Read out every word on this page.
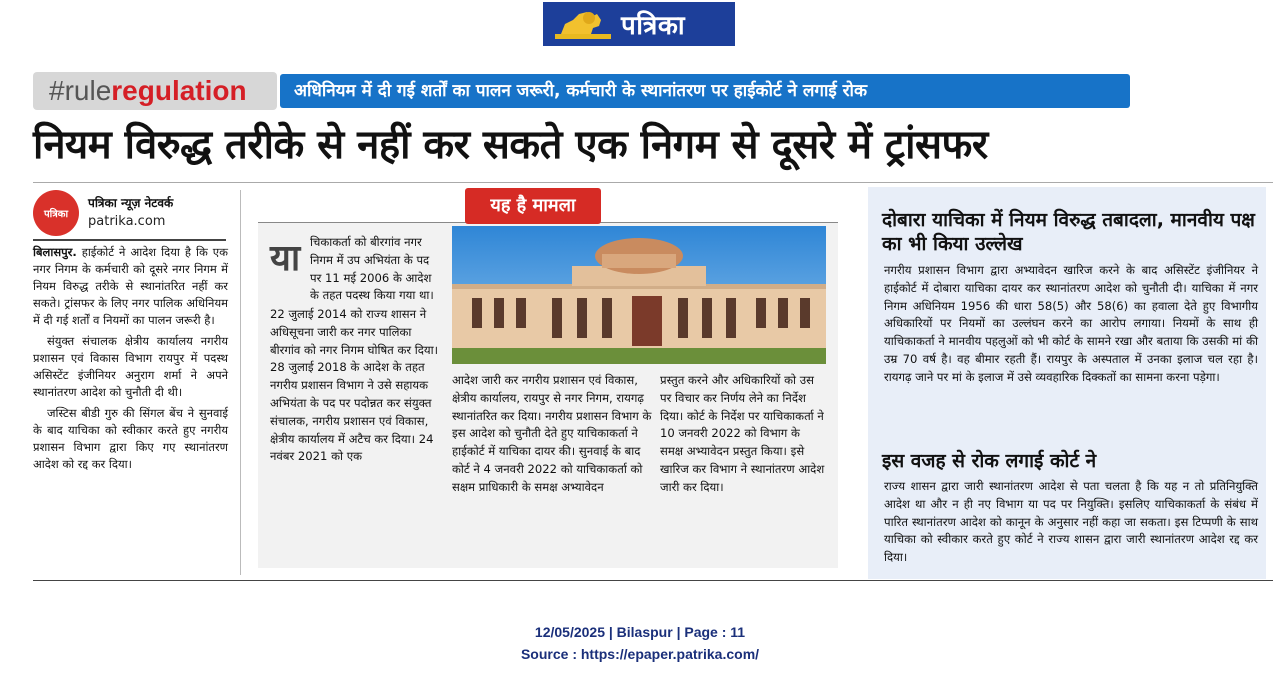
पत्रिका
#ruleregulation	अधिनियम में दी गई शर्तों का पालन जरूरी, कर्मचारी के स्थानांतरण पर हाईकोर्ट ने लगाई रोक
नियम विरुद्ध तरीके से नहीं कर सकते एक निगम से दूसरे में ट्रांसफर
पत्रिका
पत्रिका न्यूज़ नेटवर्क
patrika.com

बिलासपुर. हाईकोर्ट ने आदेश दिया है कि एक नगर निगम के कर्मचारी को दूसरे नगर निगम में नियम विरुद्ध तरीके से स्थानांतरित नहीं कर सकते। ट्रांसफर के लिए नगर पालिक अधिनियम में दी गई शर्तों व नियमों का पालन जरूरी है।

संयुक्त संचालक क्षेत्रीय कार्यालय नगरीय प्रशासन एवं विकास विभाग रायपुर में पदस्थ असिस्टेंट इंजीनियर अनुराग शर्मा ने अपने स्थानांतरण आदेश को चुनौती दी थी।

जस्टिस बीडी गुरु की सिंगल बेंच ने सुनवाई के बाद याचिका को स्वीकार करते हुए नगरीय प्रशासन विभाग द्वारा किए गए स्थानांतरण आदेश को रद्द कर दिया।

यह है मामला
या चिकाकर्ता को बीरगांव नगर निगम में उप अभियंता के पद पर 11 मई 2006 के आदेश के तहत पदस्थ किया गया था।
22 जुलाई 2014 को राज्य शासन ने अधिसूचना जारी कर नगर पालिका बीरगांव को नगर निगम घोषित कर दिया। 28 जुलाई 2018 के आदेश के तहत नगरीय प्रशासन विभाग ने उसे सहायक अभियंता के पद पर पदोन्नत कर संयुक्त संचालक, नगरीय प्रशासन एवं विकास, क्षेत्रीय कार्यालय में अटैच कर दिया। 24 नवंबर 2021 को एक
आदेश जारी कर नगरीय प्रशासन एवं विकास, क्षेत्रीय कार्यालय, रायपुर से नगर निगम, रायगढ़ स्थानांतरित कर दिया। नगरीय प्रशासन विभाग के इस आदेश को चुनौती देते हुए याचिकाकर्ता ने हाईकोर्ट में याचिका दायर की। सुनवाई के बाद कोर्ट ने 4 जनवरी 2022 को याचिकाकर्ता को सक्षम प्राधिकारी के समक्ष अभ्यावेदन
प्रस्तुत करने और अधिकारियों को उस पर विचार कर निर्णय लेने का निर्देश दिया। कोर्ट के निर्देश पर याचिकाकर्ता ने 10 जनवरी 2022 को विभाग के समक्ष अभ्यावेदन प्रस्तुत किया। इसे खारिज कर विभाग ने स्थानांतरण आदेश जारी कर दिया।
दोबारा याचिका में नियम विरुद्ध तबादला, मानवीय पक्ष का भी किया उल्लेख
नगरीय प्रशासन विभाग द्वारा अभ्यावेदन खारिज करने के बाद असिस्टेंट इंजीनियर ने हाईकोर्ट में दोबारा याचिका दायर कर स्थानांतरण आदेश को चुनौती दी। याचिका में नगर निगम अधिनियम 1956 की धारा 58(5) और 58(6) का हवाला देते हुए विभागीय अधिकारियों पर नियमों का उल्लंघन करने का आरोप लगाया। नियमों के साथ ही याचिकाकर्ता ने मानवीय पहलुओं को भी कोर्ट के सामने रखा और बताया कि उसकी मां की उम्र 70 वर्ष है। वह बीमार रहती हैं। रायपुर के अस्पताल में उनका इलाज चल रहा है। रायगढ़ जाने पर मां के इलाज में उसे व्यवहारिक दिक्कतों का सामना करना पड़ेगा।
इस वजह से रोक लगाई कोर्ट ने
राज्य शासन द्वारा जारी स्थानांतरण आदेश से पता चलता है कि यह न तो प्रतिनियुक्ति आदेश था और न ही नए विभाग या पद पर नियुक्ति। इसलिए याचिकाकर्ता के संबंध में पारित स्थानांतरण आदेश को कानून के अनुसार नहीं कहा जा सकता। इस टिप्पणी के साथ याचिका को स्वीकार करते हुए कोर्ट ने राज्य शासन द्वारा जारी स्थानांतरण आदेश रद्द कर दिया।
12/05/2025 | Bilaspur | Page : 11
Source : https://epaper.patrika.com/
